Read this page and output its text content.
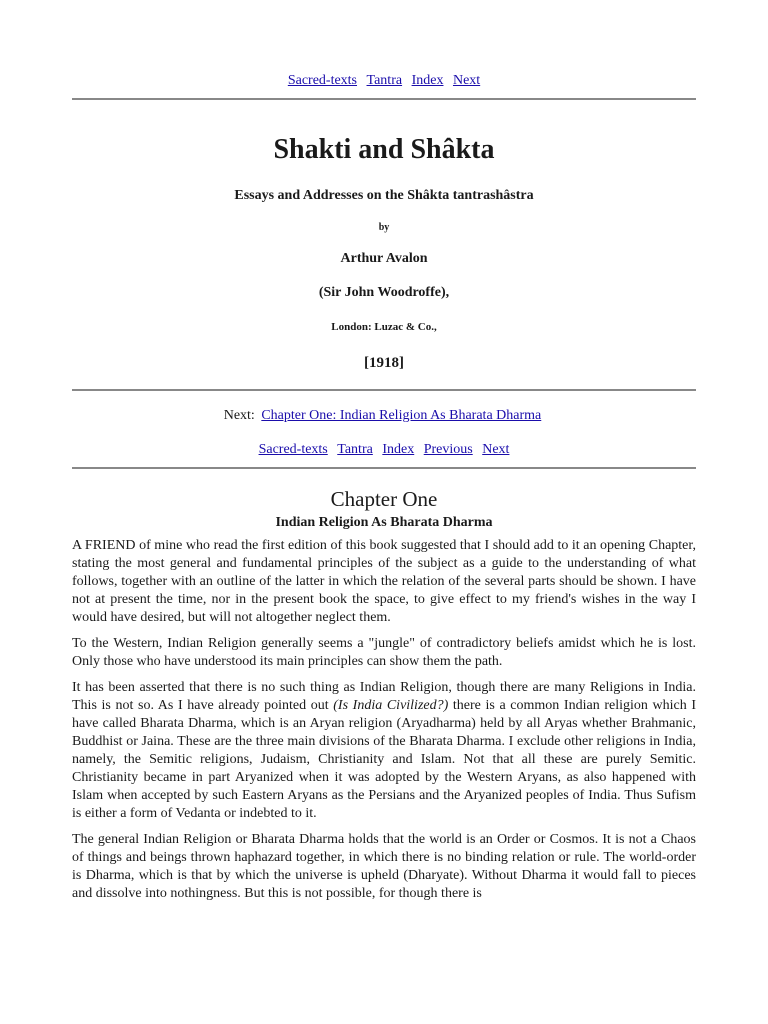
Sacred-texts Tantra Index Next
Shakti and Shâkta
Essays and Addresses on the Shâkta tantrashâstra
by
Arthur Avalon
(Sir John Woodroffe),
London: Luzac & Co.,
[1918]
Next: Chapter One: Indian Religion As Bharata Dharma
Sacred-texts Tantra Index Previous Next
Chapter One
Indian Religion As Bharata Dharma

A FRIEND of mine who read the first edition of this book suggested that I should add to it an opening Chapter, stating the most general and fundamental principles of the subject as a guide to the understanding of what follows, together with an outline of the latter in which the relation of the several parts should be shown. I have not at present the time, nor in the present book the space, to give effect to my friend's wishes in the way I would have desired, but will not altogether neglect them.

To the Western, Indian Religion generally seems a "jungle" of contradictory beliefs amidst which he is lost. Only those who have understood its main principles can show them the path.

It has been asserted that there is no such thing as Indian Religion, though there are many Religions in India. This is not so. As I have already pointed out (Is India Civilized?) there is a common Indian religion which I have called Bharata Dharma, which is an Aryan religion (Aryadharma) held by all Aryas whether Brahmanic, Buddhist or Jaina. These are the three main divisions of the Bharata Dharma. I exclude other religions in India, namely, the Semitic religions, Judaism, Christianity and Islam. Not that all these are purely Semitic. Christianity became in part Aryanized when it was adopted by the Western Aryans, as also happened with Islam when accepted by such Eastern Aryans as the Persians and the Aryanized peoples of India. Thus Sufism is either a form of Vedanta or indebted to it.

The general Indian Religion or Bharata Dharma holds that the world is an Order or Cosmos. It is not a Chaos of things and beings thrown haphazard together, in which there is no binding relation or rule. The world-order is Dharma, which is that by which the universe is upheld (Dharyate). Without Dharma it would fall to pieces and dissolve into nothingness. But this is not possible, for though there is
